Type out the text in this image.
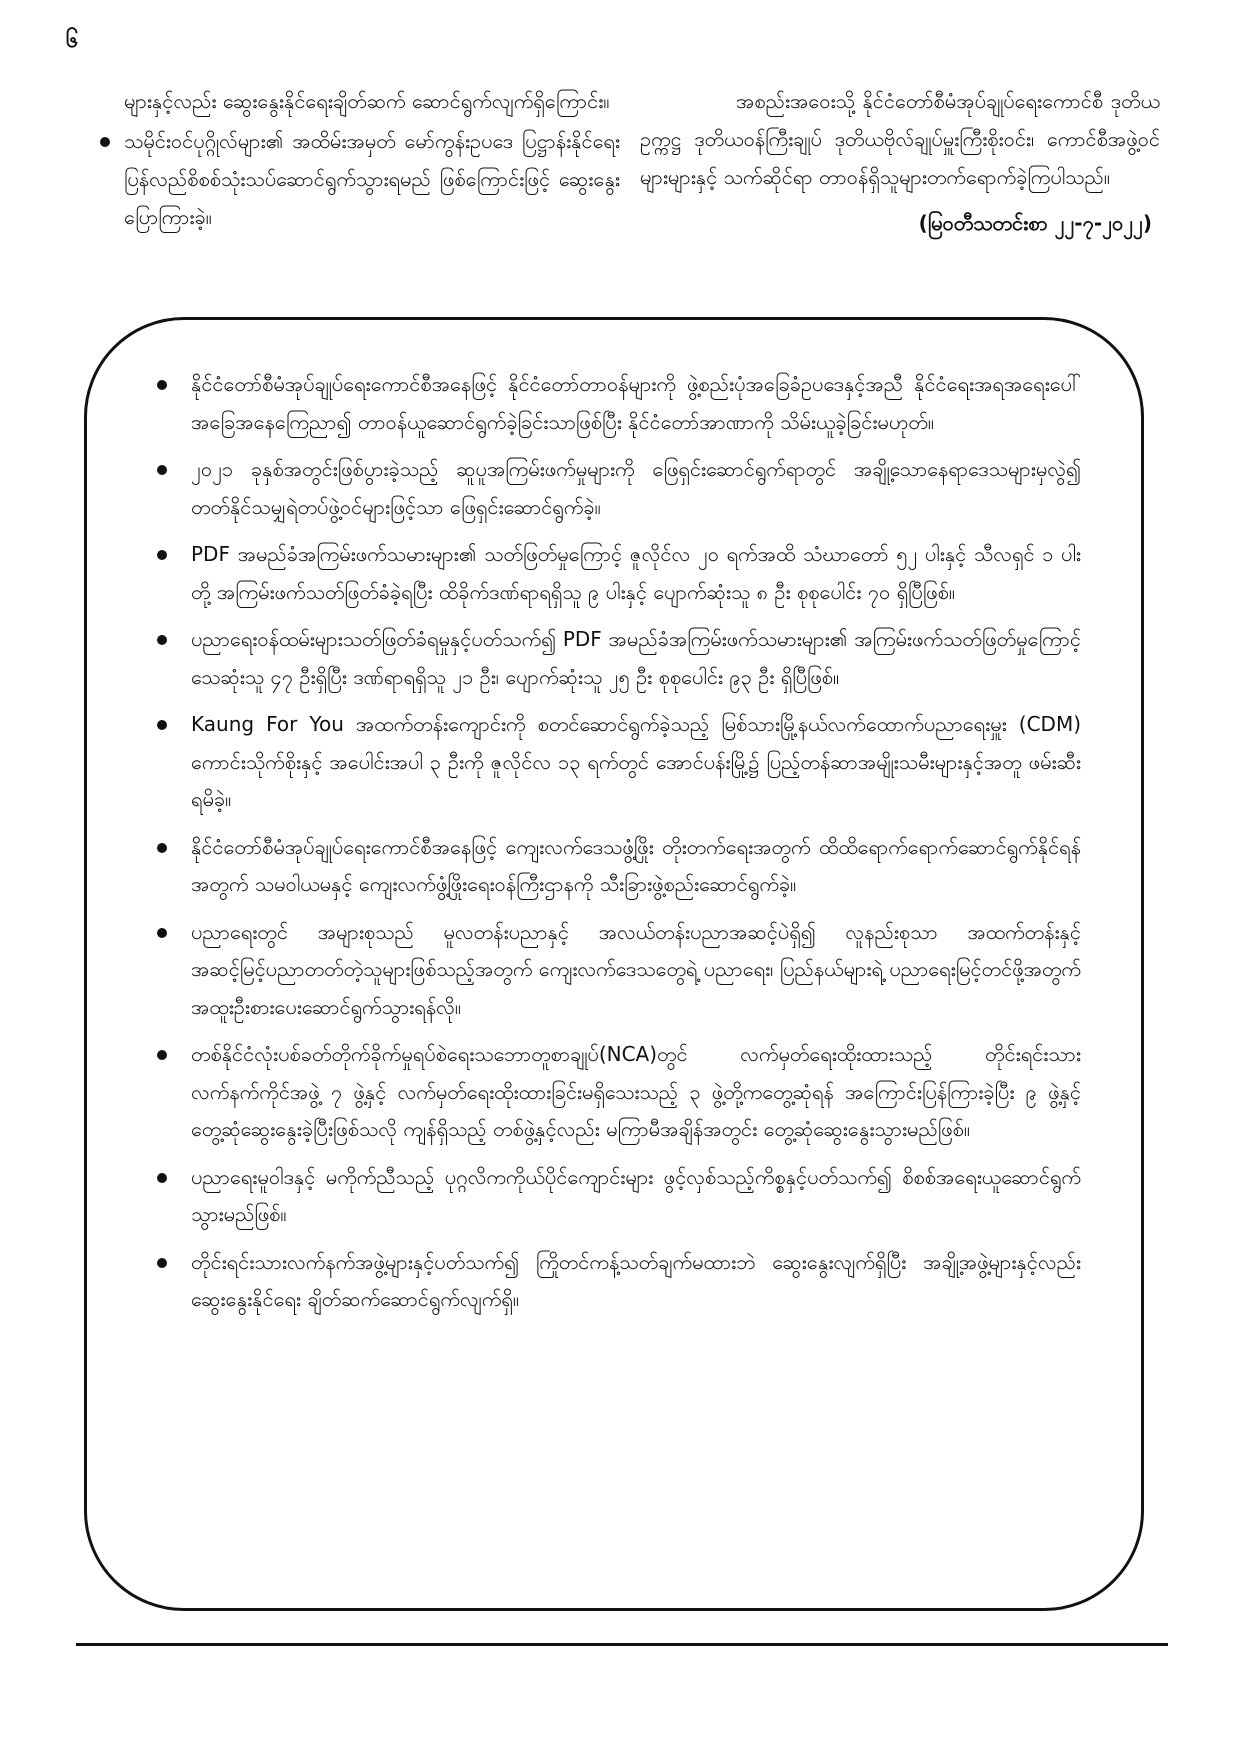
၆

များနှင့်လည်း ဆွေးနွေးနိုင်ရေးချိတ်ဆက် ဆောင်ရွက်လျက်ရှိကြောင်း။

သမိုင်းဝင်ပုဂ္ဂိုလ်များ၏ အထိမ်းအမှတ် မော်ကွန်းဥပဒေ ပြဋ္ဌာန်းနိုင်ရေး ပြန်လည်စိစစ်သုံးသပ်ဆောင်ရွက်သွားရမည် ဖြစ်ကြောင်းဖြင့် ဆွေးနွေးပြောကြားခဲ့။

အစည်းအဝေးသို့ နိုင်ငံတော်စီမံအုပ်ချုပ်ရေးကောင်စီ ဒုတိယဥက္ကဋ္ဌ ဒုတိယဝန်ကြီးချုပ် ဒုတိယဗိုလ်ချုပ်မှူးကြီးစိုးဝင်း၊ ကောင်စီအဖွဲ့ဝင်များများနှင့် သက်ဆိုင်ရာ တာဝန်ရှိသူများတက်ရောက်ခဲ့ကြပါသည်။

(မြဝတီသတင်းစာ ၂၂-၇-၂၀၂၂)
နိုင်ငံတော်စီမံအုပ်ချုပ်ရေးကောင်စီအနေဖြင့် နိုင်ငံတော်တာဝန်များကို ဖွဲ့စည်းပုံအခြေခံဥပဒေနှင့်အညီ နိုင်ငံရေးအရအရေးပေါ်အခြေအနေကြေညာ၍ တာဝန်ယူဆောင်ရွက်ခဲ့ခြင်းသာဖြစ်ပြီး နိုင်ငံတော်အာဏာကို သိမ်းယူခဲ့ခြင်းမဟုတ်။
၂၀၂၁ ခုနှစ်အတွင်းဖြစ်ပွားခဲ့သည့် ဆူပူအကြမ်းဖက်မှုများကို ဖြေရှင်းဆောင်ရွက်ရာတွင် အချို့သောနေရာဒေသများမှလွဲ၍ တတ်နိုင်သမျှရဲတပ်ဖွဲ့ဝင်များဖြင့်သာ ဖြေရှင်းဆောင်ရွက်ခဲ့။
PDF အမည်ခံအကြမ်းဖက်သမားများ၏ သတ်ဖြတ်မှုကြောင့် ဇူလိုင်လ ၂၀ ရက်အထိ သံဃာတော် ၅၂ ပါးနှင့် သီလရှင် ၁ ပါးတို့ အကြမ်းဖက်သတ်ဖြတ်ခံခဲ့ရပြီး ထိခိုက်ဒဏ်ရာရရှိသူ ၉ ပါးနှင့် ပျောက်ဆုံးသူ ၈ ဦး စုစုပေါင်း ၇၀ ရှိပြီဖြစ်။
ပညာရေးဝန်ထမ်းများသတ်ဖြတ်ခံရမှုနှင့်ပတ်သက်၍ PDF အမည်ခံအကြမ်းဖက်သမားများ၏ အကြမ်းဖက်သတ်ဖြတ်မှုကြောင့် သေဆုံးသူ ၄၇ ဦးရှိပြီး ဒဏ်ရာရရှိသူ ၂၁ ဦး၊ ပျောက်ဆုံးသူ ၂၅ ဦး စုစုပေါင်း ၉၃ ဦး ရှိပြီဖြစ်။
Kaung For You အထက်တန်းကျောင်းကို စတင်ဆောင်ရွက်ခဲ့သည့် မြစ်သားမြို့နယ်လက်ထောက်ပညာရေးမှူး (CDM) ကောင်းသိုက်စိုးနှင့် အပေါင်းအပါ ၃ ဦးကို ဇူလိုင်လ ၁၃ ရက်တွင် အောင်ပန်းမြို့၌ ပြည့်တန်ဆာအမျိုးသမီးများနှင့်အတူ ဖမ်းဆီးရမိခဲ့။
နိုင်ငံတော်စီမံအုပ်ချုပ်ရေးကောင်စီအနေဖြင့် ကျေးလက်ဒေသဖွံ့ဖြိုး တိုးတက်ရေးအတွက် ထိထိရောက်ရောက်ဆောင်ရွက်နိုင်ရန်အတွက် သမဝါယမနှင့် ကျေးလက်ဖွံ့ဖြိုးရေးဝန်ကြီးဌာနကို သီးခြားဖွဲ့စည်းဆောင်ရွက်ခဲ့။
ပညာရေးတွင် အများစုသည် မူလတန်းပညာနှင့် အလယ်တန်းပညာအဆင့်ပဲရှိ၍ လူနည်းစုသာ အထက်တန်းနှင့် အဆင့်မြင့်ပညာတတ်တဲ့သူများဖြစ်သည့်အတွက် ကျေးလက်ဒေသတွေရဲ့ ပညာရေး၊ ပြည်နယ်များရဲ့ ပညာရေးမြင့်တင်ဖို့အတွက် အထူးဦးစားပေးဆောင်ရွက်သွားရန်လို။
တစ်နိုင်ငံလုံးပစ်ခတ်တိုက်ခိုက်မှုရပ်စဲရေးသဘောတူစာချုပ်(NCA)တွင် လက်မှတ်ရေးထိုးထားသည့် တိုင်းရင်းသားလက်နက်ကိုင်အဖွဲ့ ၇ ဖွဲ့နှင့် လက်မှတ်ရေးထိုးထားခြင်းမရှိသေးသည့် ၃ ဖွဲ့တို့ကတွေ့ဆုံရန် အကြောင်းပြန်ကြားခဲ့ပြီး ၉ ဖွဲ့နှင့် တွေ့ဆုံဆွေးနွေးခဲ့ပြီးဖြစ်သလို ကျန်ရှိသည့် တစ်ဖွဲ့နှင့်လည်း မကြာမီအချိန်အတွင်း တွေ့ဆုံဆွေးနွေးသွားမည်ဖြစ်။
ပညာရေးမူဝါဒနှင့် မကိုက်ညီသည့် ပုဂ္ဂလိကကိုယ်ပိုင်ကျောင်းများ ဖွင့်လှစ်သည့်ကိစ္စနှင့်ပတ်သက်၍ စိစစ်အရေးယူဆောင်ရွက်သွားမည်ဖြစ်။
တိုင်းရင်းသားလက်နက်အဖွဲ့များနှင့်ပတ်သက်၍ ကြိုတင်ကန့်သတ်ချက်မထားဘဲ ဆွေးနွေးလျက်ရှိပြီး အချို့အဖွဲ့များနှင့်လည်း ဆွေးနွေးနိုင်ရေး ချိတ်ဆက်ဆောင်ရွက်လျက်ရှိ။
